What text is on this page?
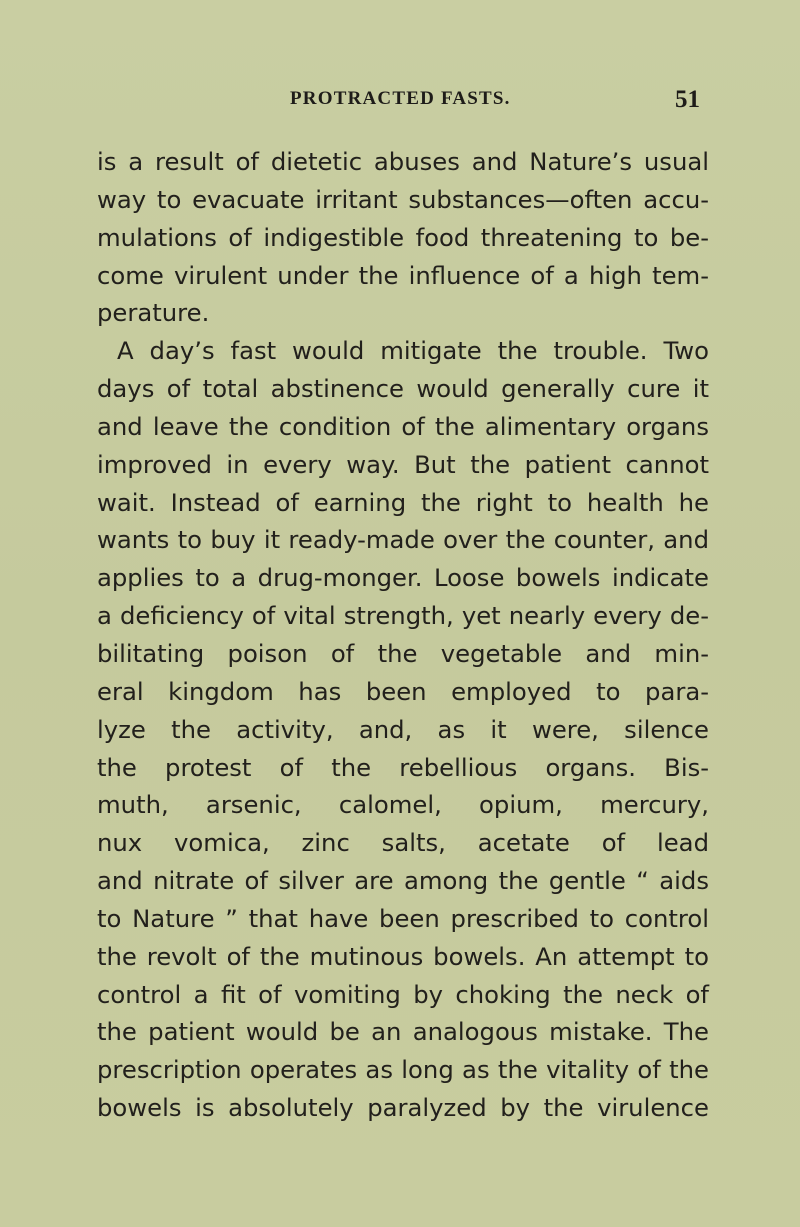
PROTRACTED FASTS.	51
is a result of dietetic abuses and Nature’s usual
way to evacuate irritant substances—often accu-
mulations of indigestible food threatening to be-
come virulent under the influence of a high tem-
perature.
A day’s fast would mitigate the trouble. Two
days of total abstinence would generally cure it
and leave the condition of the alimentary organs
improved in every way. But the patient cannot
wait. Instead of earning the right to health he
wants to buy it ready-made over the counter, and
applies to a drug-monger. Loose bowels indicate
a deficiency of vital strength, yet nearly every de-
bilitating poison of the vegetable and min-
eral kingdom has been employed to para-
lyze the activity, and, as it were, silence
the protest of the rebellious organs. Bis-
muth, arsenic, calomel, opium, mercury,
nux vomica, zinc salts, acetate of lead
and nitrate of silver are among the gentle “ aids
to Nature ” that have been prescribed to control
the revolt of the mutinous bowels. An attempt to
control a fit of vomiting by choking the neck of
the patient would be an analogous mistake. The
prescription operates as long as the vitality of the
bowels is absolutely paralyzed by the virulence
